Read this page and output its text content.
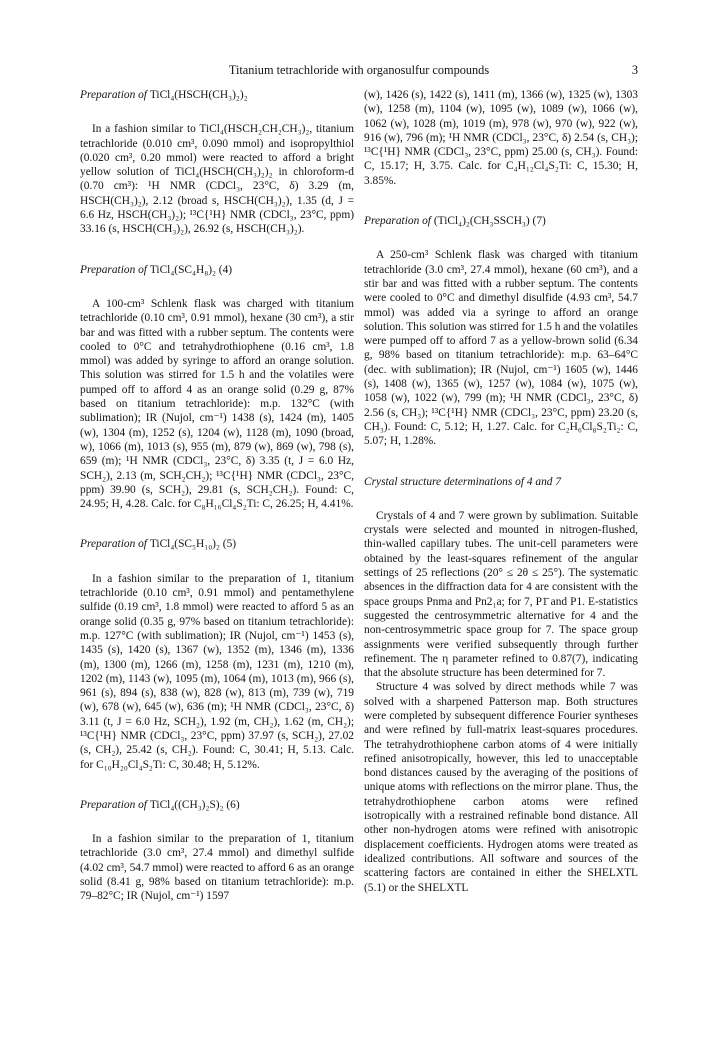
Titanium tetrachloride with organosulfur compounds	3

Preparation of TiCl₄(HSCH(CH₃)₂)₂

In a fashion similar to TiCl₄(HSCH₂CH₂CH₃)₂, titanium tetrachloride (0.010 cm³, 0.090 mmol) and isopropylthiol (0.020 cm³, 0.20 mmol) were reacted to afford a bright yellow solution of TiCl₄(HSCH(CH₃)₂)₂ in chloroform-d (0.70 cm³): ¹H NMR (CDCl₃, 23°C, δ) 3.29 (m, HSCH(CH₃)₂), 2.12 (broad s, HSCH(CH₃)₂), 1.35 (d, J = 6.6 Hz, HSCH(CH₃)₂); ¹³C{¹H} NMR (CDCl₃, 23°C, ppm) 33.16 (s, HSCH(CH₃)₂), 26.92 (s, HSCH(CH₃)₂).

Preparation of TiCl₄(SC₄H₈)₂ (4)

A 100-cm³ Schlenk flask was charged with titanium tetrachloride (0.10 cm³, 0.91 mmol), hexane (30 cm³), a stir bar and was fitted with a rubber septum. The contents were cooled to 0°C and tetrahydrothiophene (0.16 cm³, 1.8 mmol) was added by syringe to afford an orange solution. This solution was stirred for 1.5 h and the volatiles were pumped off to afford 4 as an orange solid (0.29 g, 87% based on titanium tetrachloride): m.p. 132°C (with sublimation); IR (Nujol, cm⁻¹) 1438 (s), 1424 (m), 1405 (w), 1304 (m), 1252 (s), 1204 (w), 1128 (m), 1090 (broad, w), 1066 (m), 1013 (s), 955 (m), 879 (w), 869 (w), 798 (s), 659 (m); ¹H NMR (CDCl₃, 23°C, δ) 3.35 (t, J = 6.0 Hz, SCH₂), 2.13 (m, SCH₂CH₂); ¹³C{¹H} NMR (CDCl₃, 23°C, ppm) 39.90 (s, SCH₂), 29.81 (s, SCH₂CH₂). Found: C, 24.95; H, 4.28. Calc. for C₈H₁₆Cl₄S₂Ti: C, 26.25; H, 4.41%.

Preparation of TiCl₄(SC₅H₁₀)₂ (5)

In a fashion similar to the preparation of 1, titanium tetrachloride (0.10 cm³, 0.91 mmol) and pentamethylene sulfide (0.19 cm³, 1.8 mmol) were reacted to afford 5 as an orange solid (0.35 g, 97% based on titanium tetrachloride): m.p. 127°C (with sublimation); IR (Nujol, cm⁻¹) 1453 (s), 1435 (s), 1420 (s), 1367 (w), 1352 (m), 1346 (m), 1336 (m), 1300 (m), 1266 (m), 1258 (m), 1231 (m), 1210 (m), 1202 (m), 1143 (w), 1095 (m), 1064 (m), 1013 (m), 966 (s), 961 (s), 894 (s), 838 (w), 828 (w), 813 (m), 739 (w), 719 (w), 678 (w), 645 (w), 636 (m); ¹H NMR (CDCl₃, 23°C, δ) 3.11 (t, J = 6.0 Hz, SCH₂), 1.92 (m, CH₂), 1.62 (m, CH₂); ¹³C{¹H} NMR (CDCl₃, 23°C, ppm) 37.97 (s, SCH₂), 27.02 (s, CH₂), 25.42 (s, CH₂). Found: C, 30.41; H, 5.13. Calc. for C₁₀H₂₀Cl₄S₂Ti: C, 30.48; H, 5.12%.

Preparation of TiCl₄((CH₃)₂S)₂ (6)

In a fashion similar to the preparation of 1, titanium tetrachloride (3.0 cm³, 27.4 mmol) and dimethyl sulfide (4.02 cm³, 54.7 mmol) were reacted to afford 6 as an orange solid (8.41 g, 98% based on titanium tetrachloride): m.p. 79–82°C; IR (Nujol, cm⁻¹) 1597

(w), 1426 (s), 1422 (s), 1411 (m), 1366 (w), 1325 (w), 1303 (w), 1258 (m), 1104 (w), 1095 (w), 1089 (w), 1066 (w), 1062 (w), 1028 (m), 1019 (m), 978 (w), 970 (w), 922 (w), 916 (w), 796 (m); ¹H NMR (CDCl₃, 23°C, δ) 2.54 (s, CH₃); ¹³C{¹H} NMR (CDCl₃, 23°C, ppm) 25.00 (s, CH₃). Found: C, 15.17; H, 3.75. Calc. for C₄H₁₂Cl₄S₂Ti: C, 15.30; H, 3.85%.

Preparation of (TiCl₄)₂(CH₃SSCH₃) (7)

A 250-cm³ Schlenk flask was charged with titanium tetrachloride (3.0 cm³, 27.4 mmol), hexane (60 cm³), and a stir bar and was fitted with a rubber septum. The contents were cooled to 0°C and dimethyl disulfide (4.93 cm³, 54.7 mmol) was added via a syringe to afford an orange solution. This solution was stirred for 1.5 h and the volatiles were pumped off to afford 7 as a yellow-brown solid (6.34 g, 98% based on titanium tetrachloride): m.p. 63–64°C (dec. with sublimation); IR (Nujol, cm⁻¹) 1605 (w), 1446 (s), 1408 (w), 1365 (w), 1257 (w), 1084 (w), 1075 (w), 1058 (w), 1022 (w), 799 (m); ¹H NMR (CDCl₃, 23°C, δ) 2.56 (s, CH₃); ¹³C{¹H} NMR (CDCl₃, 23°C, ppm) 23.20 (s, CH₃). Found: C, 5.12; H, 1.27. Calc. for C₂H₆Cl₈S₂Ti₂: C, 5.07; H, 1.28%.

Crystal structure determinations of 4 and 7

Crystals of 4 and 7 were grown by sublimation. Suitable crystals were selected and mounted in nitrogen-flushed, thin-walled capillary tubes. The unit-cell parameters were obtained by the least-squares refinement of the angular settings of 25 reflections (20° ≤ 2θ ≤ 25°). The systematic absences in the diffraction data for 4 are consistent with the space groups Pnma and Pn2₁a; for 7, P1̄ and P1. E-statistics suggested the centrosymmetric alternative for 4 and the non-centrosymmetric space group for 7. The space group assignments were verified subsequently through further refinement. The η parameter refined to 0.87(7), indicating that the absolute structure has been determined for 7.

Structure 4 was solved by direct methods while 7 was solved with a sharpened Patterson map. Both structures were completed by subsequent difference Fourier syntheses and were refined by full-matrix least-squares procedures. The tetrahydrothiophene carbon atoms of 4 were initially refined anisotropically, however, this led to unacceptable bond distances caused by the averaging of the positions of unique atoms with reflections on the mirror plane. Thus, the tetrahydrothiophene carbon atoms were refined isotropically with a restrained refinable bond distance. All other non-hydrogen atoms were refined with anisotropic displacement coefficients. Hydrogen atoms were treated as idealized contributions. All software and sources of the scattering factors are contained in either the SHELXTL (5.1) or the SHELXTL
